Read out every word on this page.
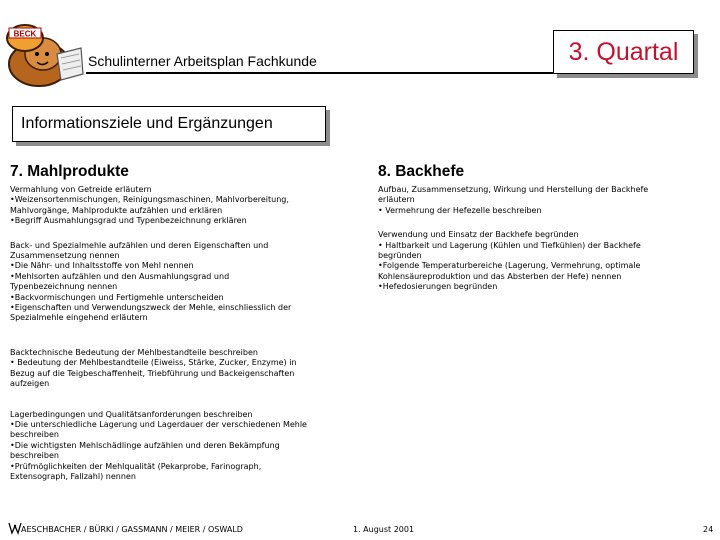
BECK
Schulinterner Arbeitsplan Fachkunde	3. Quartal
Informationsziele und Ergänzungen
7. Mahlprodukte	8. Backhefe

Vermahlung von Getreide erläutern
•Weizensortenmischungen, Reinigungsmaschinen, Mahlvorbereitung,
Mahlvorgänge, Mahlprodukte aufzählen und erklären
•Begriff Ausmahlungsgrad und Typenbezeichnung erklären

Back- und Spezialmehle aufzählen und deren Eigenschaften und
Zusammensetzung nennen
•Die Nähr- und Inhaltsstoffe von Mehl nennen
•Mehlsorten aufzählen und den Ausmahlungsgrad und
Typenbezeichnung nennen
•Backvormischungen und Fertigmehle unterscheiden
•Eigenschaften und Verwendungszweck der Mehle, einschliesslich der
Spezialmehle eingehend erläutern

Backtechnische Bedeutung der Mehlbestandteile beschreiben
• Bedeutung der Mehlbestandteile (Eiweiss, Stärke, Zucker, Enzyme) in
Bezug auf die Teigbeschaffenheit, Triebführung und Backeigenschaften
aufzeigen

Lagerbedingungen und Qualitätsanforderungen beschreiben
•Die unterschiedliche Lagerung und Lagerdauer der verschiedenen Mehle
beschreiben
•Die wichtigsten Mehlschädlinge aufzählen und deren Bekämpfung
beschreiben
•Prüfmöglichkeiten der Mehlqualität (Pekarprobe, Farinograph,
Extensograph, Fallzahl) nennen

Aufbau, Zusammensetzung, Wirkung und Herstellung der Backhefe
erläutern
• Vermehrung der Hefezelle beschreiben

Verwendung und Einsatz der Backhefe begründen
• Haltbarkeit und Lagerung (Kühlen und Tiefkühlen) der Backhefe
begründen
•Folgende Temperaturbereiche (Lagerung, Vermehrung, optimale
Kohlensäureproduktion und das Absterben der Hefe) nennen
•Hefedosierungen begründen

AESCHBACHER / BÜRKI / GASSMANN / MEIER / OSWALD	1. August 2001	24
